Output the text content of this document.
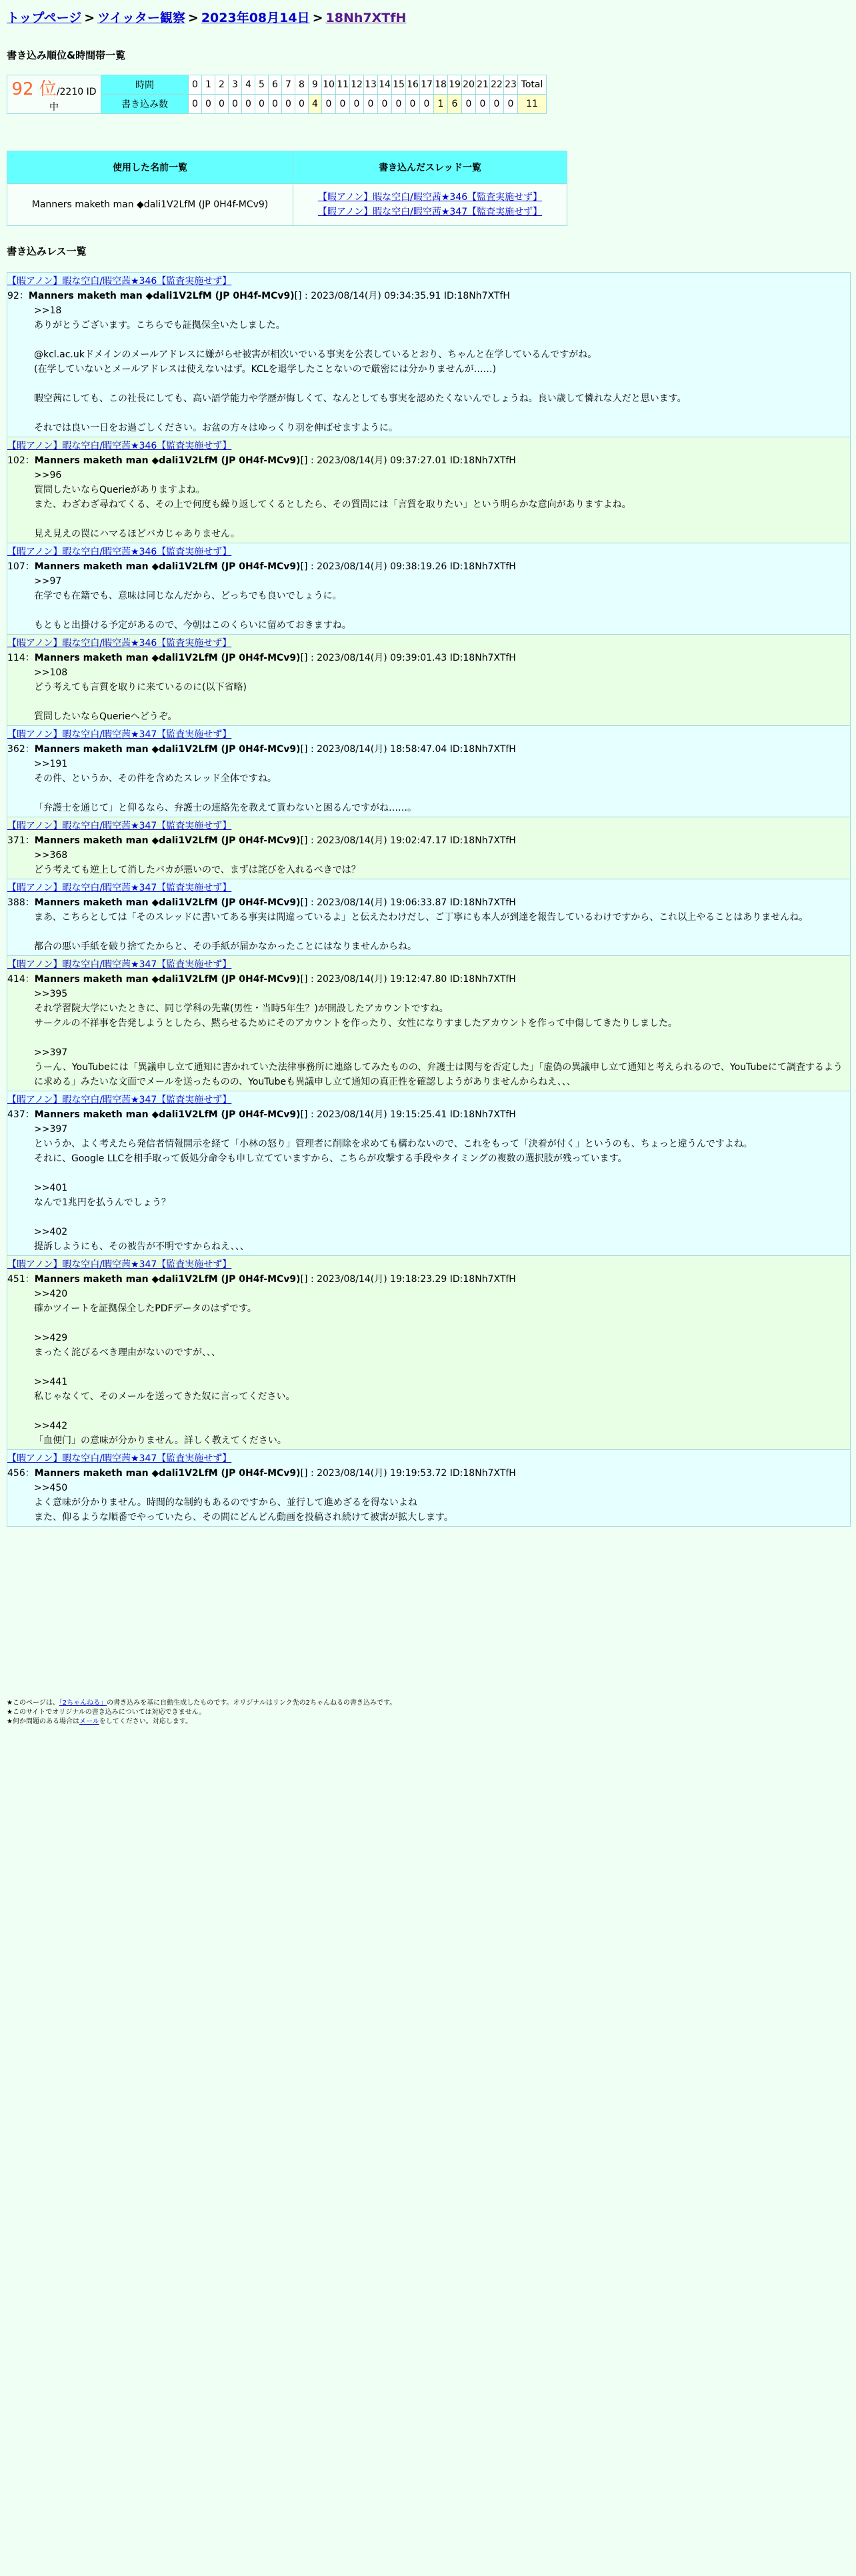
トップページ > ツイッター観察 > 2023年08月14日 > 18Nh7XTfH
書き込み順位&時間帯一覧
92 位/2210 ID中	時間	0	1	2	3	4	5	6	7	8	9	10	11	12	13	14	15	16	17	18	19	20	21	22	23	Total
	書き込み数	0	0	0	0	0	0	0	0	0	4	0	0	0	0	0	0	0	0	1	6	0	0	0	0	11
使用した名前一覧	書き込んだスレッド一覧
Manners maketh man ◆dali1V2LfM (JP 0H4f-MCv9)	【暇アノン】暇な空白/暇空茜★346【監査実施せず】
【暇アノン】暇な空白/暇空茜★347【監査実施せず】
書き込みレス一覧
【暇アノン】暇な空白/暇空茜★346【監査実施せず】
92：Manners maketh man ◆dali1V2LfM (JP 0H4f-MCv9)[] : 2023/08/14(月) 09:34:35.91 ID:18Nh7XTfH

>>18

ありがとうございます。こちらでも証拠保全いたしました。

@kcl.ac.ukドメインのメールアドレスに嫌がらせ被害が相次いでいる事実を公表しているとおり、ちゃんと在学しているんですがね。

(在学していないとメールアドレスは使えないはず。KCLを退学したことないので厳密には分かりませんが……)

暇空茜にしても、この社長にしても、高い語学能力や学歴が悔しくて、なんとしても事実を認めたくないんでしょうね。良い歳して憐れな人だと思います。

それでは良い一日をお過ごしください。お盆の方々はゆっくり羽を伸ばせますように。

【暇アノン】暇な空白/暇空茜★346【監査実施せず】
102：Manners maketh man ◆dali1V2LfM (JP 0H4f-MCv9)[] : 2023/08/14(月) 09:37:27.01 ID:18Nh7XTfH

>>96

質問したいならQuerieがありますよね。

また、わざわざ尋ねてくる、その上で何度も繰り返してくるとしたら、その質問には「言質を取りたい」という明らかな意向がありますよね。

見え見えの罠にハマるほどバカじゃありません。

【暇アノン】暇な空白/暇空茜★346【監査実施せず】
107：Manners maketh man ◆dali1V2LfM (JP 0H4f-MCv9)[] : 2023/08/14(月) 09:38:19.26 ID:18Nh7XTfH

>>97

在学でも在籍でも、意味は同じなんだから、どっちでも良いでしょうに。

もともと出掛ける予定があるので、今朝はこのくらいに留めておきますね。

【暇アノン】暇な空白/暇空茜★346【監査実施せず】
114：Manners maketh man ◆dali1V2LfM (JP 0H4f-MCv9)[] : 2023/08/14(月) 09:39:01.43 ID:18Nh7XTfH

>>108

どう考えても言質を取りに来ているのに(以下省略)

質問したいならQuerieへどうぞ。

【暇アノン】暇な空白/暇空茜★347【監査実施せず】
362：Manners maketh man ◆dali1V2LfM (JP 0H4f-MCv9)[] : 2023/08/14(月) 18:58:47.04 ID:18Nh7XTfH

>>191

その件、というか、その件を含めたスレッド全体ですね。

「弁護士を通じて」と仰るなら、弁護士の連絡先を教えて貰わないと困るんですがね……。

【暇アノン】暇な空白/暇空茜★347【監査実施せず】
371：Manners maketh man ◆dali1V2LfM (JP 0H4f-MCv9)[] : 2023/08/14(月) 19:02:47.17 ID:18Nh7XTfH

>>368

どう考えても逆上して消したバカが悪いので、まずは詫びを入れるべきでは？

【暇アノン】暇な空白/暇空茜★347【監査実施せず】
388：Manners maketh man ◆dali1V2LfM (JP 0H4f-MCv9)[] : 2023/08/14(月) 19:06:33.87 ID:18Nh7XTfH

まあ、こちらとしては「そのスレッドに書いてある事実は間違っているよ」と伝えたわけだし、ご丁寧にも本人が到達を報告しているわけですから、これ以上やることはありませんね。

都合の悪い手紙を破り捨てたからと、その手紙が届かなかったことにはなりませんからね。

【暇アノン】暇な空白/暇空茜★347【監査実施せず】
414：Manners maketh man ◆dali1V2LfM (JP 0H4f-MCv9)[] : 2023/08/14(月) 19:12:47.80 ID:18Nh7XTfH

>>395

それ学習院大学にいたときに、同じ学科の先輩(男性・当時5年生？)が開設したアカウントですね。

サークルの不祥事を告発しようとしたら、黙らせるためにそのアカウントを作ったり、女性になりすましたアカウントを作って中傷してきたりしました。

>>397

うーん、YouTubeには「異議申し立て通知に書かれていた法律事務所に連絡してみたものの、弁護士は関与を否定した」「虚偽の異議申し立て通知と考えられるので、YouTubeにて調査するように求める」みたいな文面でメールを送ったものの、YouTubeも異議申し立て通知の真正性を確認しようがありませんからねえ、、、

【暇アノン】暇な空白/暇空茜★347【監査実施せず】
437：Manners maketh man ◆dali1V2LfM (JP 0H4f-MCv9)[] : 2023/08/14(月) 19:15:25.41 ID:18Nh7XTfH

>>397

というか、よく考えたら発信者情報開示を経て「小林の怒り」管理者に削除を求めても構わないので、これをもって「決着が付く」というのも、ちょっと違うんですよね。

それに、Google LLCを相手取って仮処分命令も申し立てていますから、こちらが攻撃する手段やタイミングの複数の選択肢が残っています。

>>401

なんで1兆円を払うんでしょう？

>>402

提訴しようにも、その被告が不明ですからねえ、、、

【暇アノン】暇な空白/暇空茜★347【監査実施せず】
451：Manners maketh man ◆dali1V2LfM (JP 0H4f-MCv9)[] : 2023/08/14(月) 19:18:23.29 ID:18Nh7XTfH

>>420

確かツイートを証拠保全したPDFデータのはずです。

>>429

まったく詫びるべき理由がないのですが、、、

>>441

私じゃなくて、そのメールを送ってきた奴に言ってください。

>>442

「血便门」の意味が分かりません。詳しく教えてください。

【暇アノン】暇な空白/暇空茜★347【監査実施せず】
456：Manners maketh man ◆dali1V2LfM (JP 0H4f-MCv9)[] : 2023/08/14(月) 19:19:53.72 ID:18Nh7XTfH

>>450

よく意味が分かりません。時間的な制約もあるのですから、並行して進めざるを得ないよね

また、仰るような順番でやっていたら、その間にどんどん動画を投稿され続けて被害が拡大します。

★このページは、「2ちゃんねる」の書き込みを基に自動生成したものです。オリジナルはリンク先の2ちゃんねるの書き込みです。
★このサイトでオリジナルの書き込みについては対応できません。
★何か問題のある場合はメールをしてください。対応します。
